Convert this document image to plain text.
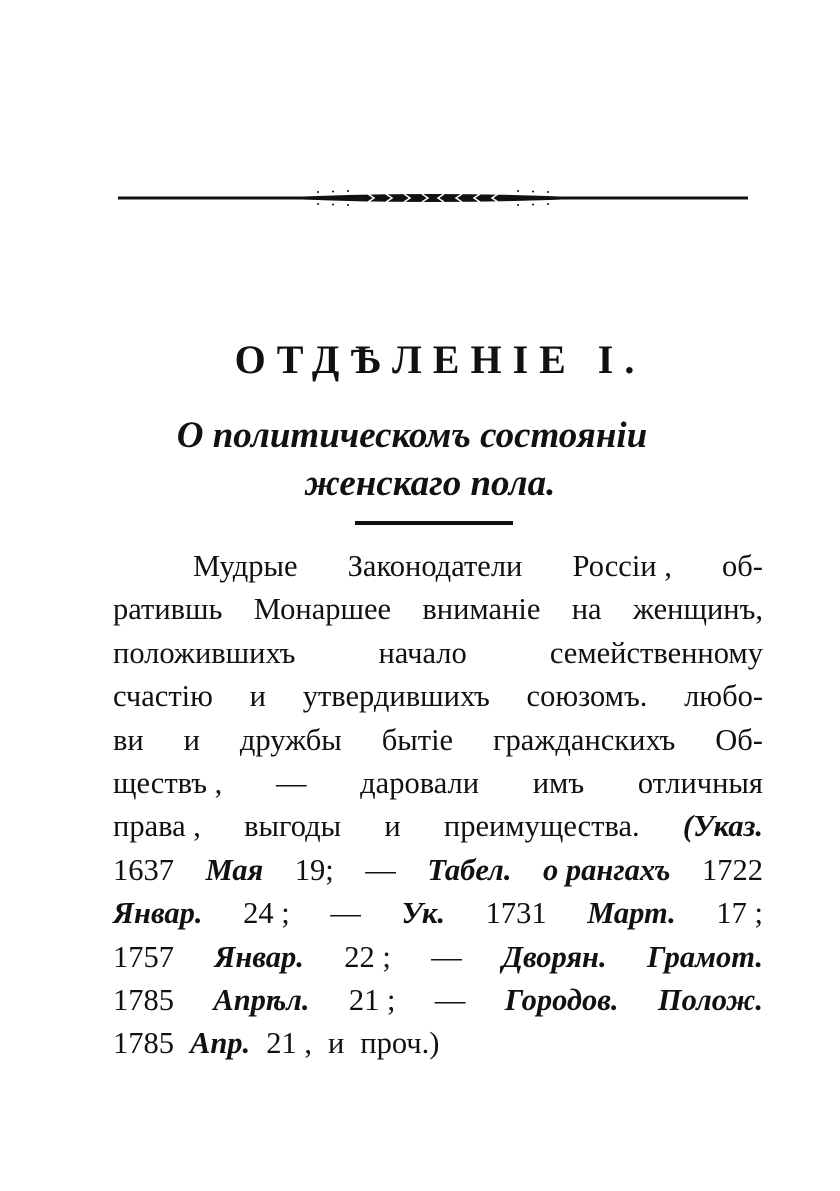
ОТДѢЛЕНІЕ I.
О политическомъ состояніи
женскаго пола.
Мудрые Законодатели Россіи , об-
ратившь Монаршее вниманіе на женщинъ,
положившихъ	начало	семейственному
счастію и утвердившихъ союзомъ. любо-
ви и дружбы бытіе гражданскихъ Об-
ществъ , — даровали имъ отличныя
права , выгоды и преимущества. (Указ.
1637 Мая 19; — Табел. о рангахъ 1722
Январ. 24 ; — Ук. 1731 Март. 17 ;
1757 Январ. 22 ; — Дворян. Грамот.
1785 Апрѣл. 21 ; — Городов. Полож.
1785 Апр. 21 , и проч.)
